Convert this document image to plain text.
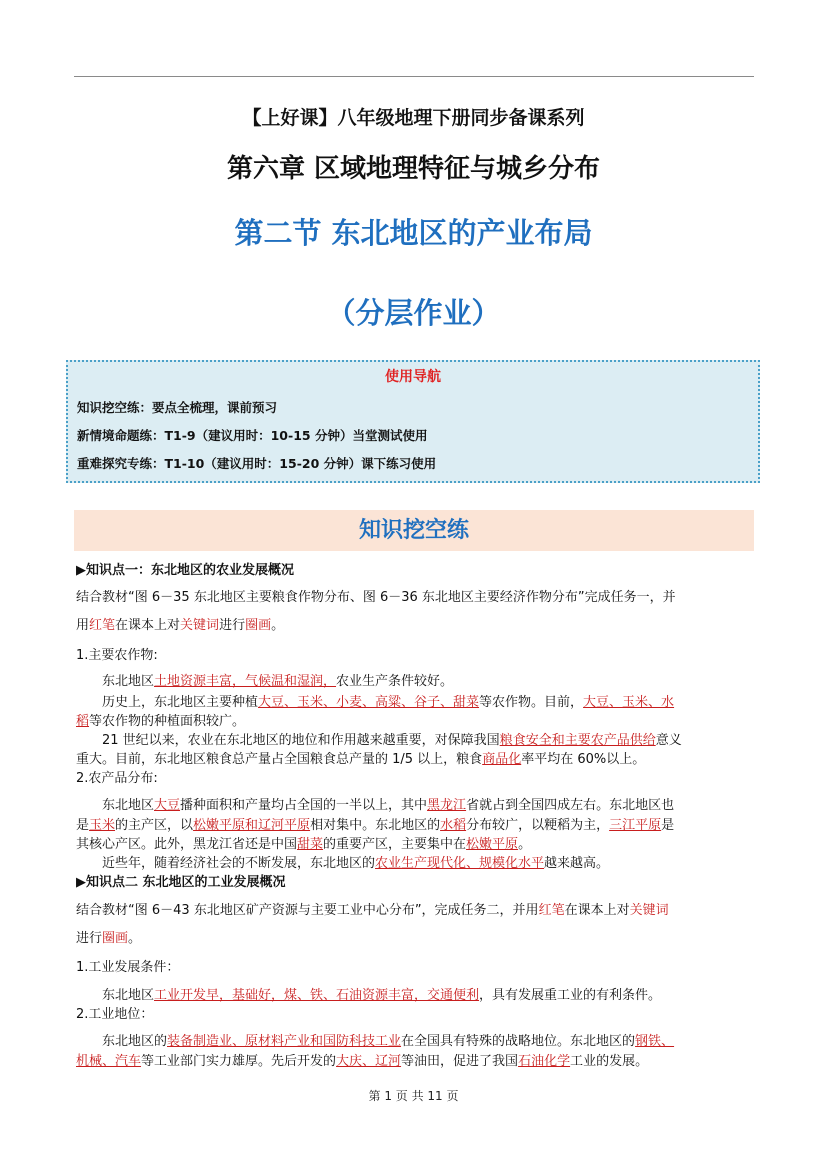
【上好课】八年级地理下册同步备课系列
第六章 区域地理特征与城乡分布
第二节 东北地区的产业布局
（分层作业）
使用导航
知识挖空练：要点全梳理，课前预习
新情境命题练：T1-9（建议用时：10-15 分钟）当堂测试使用
重难探究专练：T1-10（建议用时：15-20 分钟）课下练习使用
知识挖空练
▶知识点一：东北地区的农业发展概况
结合教材“图 6－35 东北地区主要粮食作物分布、图 6－36 东北地区主要经济作物分布”完成任务一，并
用红笔在课本上对关键词进行圈画。
1.主要农作物:
东北地区土地资源丰富，气候温和湿润，农业生产条件较好。
历史上，东北地区主要种植大豆、玉米、小麦、高粱、谷子、甜菜等农作物。目前，大豆、玉米、水
稻等农作物的种植面积较广。
21 世纪以来，农业在东北地区的地位和作用越来越重要，对保障我国粮食安全和主要农产品供给意义
重大。目前，东北地区粮食总产量占全国粮食总产量的 1/5 以上，粮食商品化率平均在 60%以上。
2.农产品分布:
东北地区大豆播种面积和产量均占全国的一半以上，其中黑龙江省就占到全国四成左右。东北地区也
是玉米的主产区，以松嫩平原和辽河平原相对集中。东北地区的水稻分布较广，以粳稻为主，三江平原是
其核心产区。此外，黑龙江省还是中国甜菜的重要产区，主要集中在松嫩平原。
近些年，随着经济社会的不断发展，东北地区的农业生产现代化、规模化水平越来越高。
▶知识点二 东北地区的工业发展概况
结合教材“图 6－43 东北地区矿产资源与主要工业中心分布”，完成任务二，并用红笔在课本上对关键词
进行圈画。
1.工业发展条件：
东北地区工业开发早，基础好，煤、铁、石油资源丰富，交通便利，具有发展重工业的有利条件。
2.工业地位：
东北地区的装备制造业、原材料产业和国防科技工业在全国具有特殊的战略地位。东北地区的钢铁、
机械、汽车等工业部门实力雄厚。先后开发的大庆、辽河等油田，促进了我国石油化学工业的发展。
第 1 页 共 11 页
